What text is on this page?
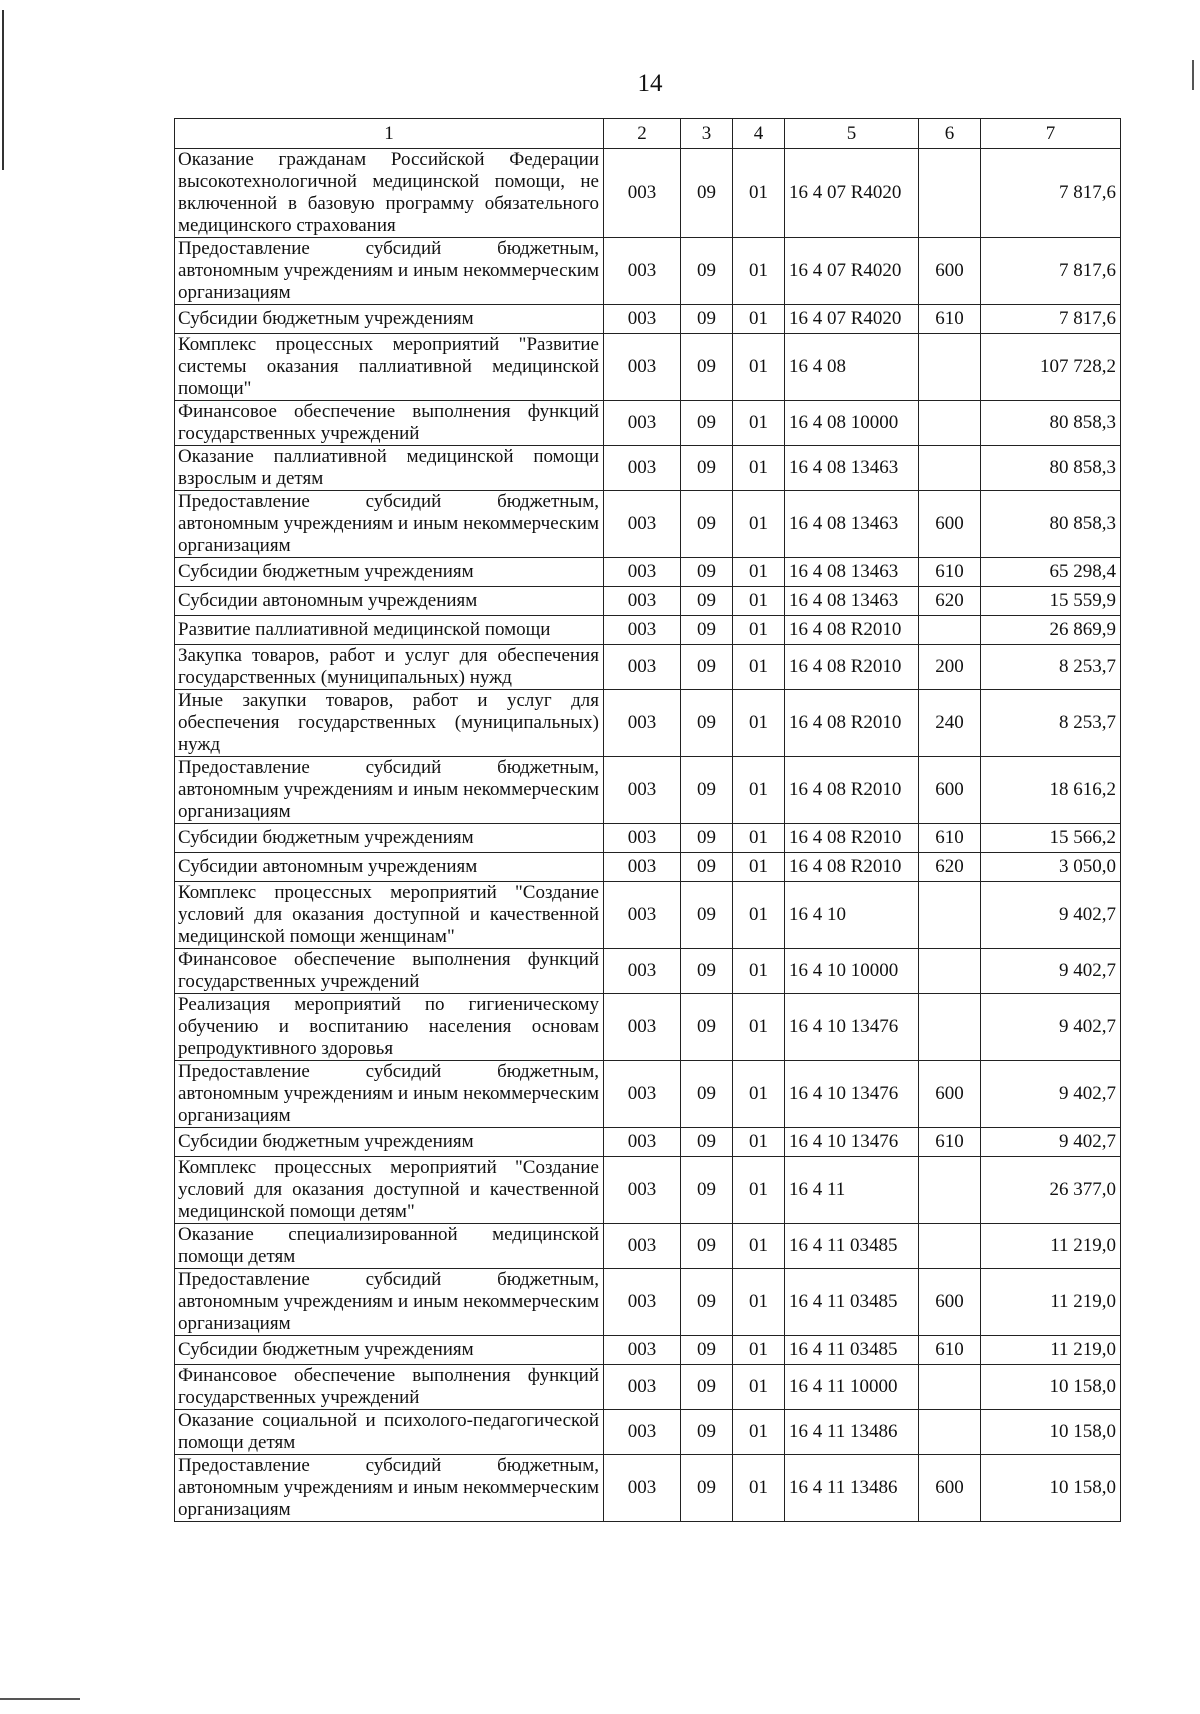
14
1	2	3	4	5	6	7
Оказание гражданам Российской Федерации высокотехнологичной медицинской помощи, не включенной в базовую программу обязательного медицинского страхования	003	09	01	16 4 07 R4020		7 817,6
Предоставление субсидий бюджетным, автономным учреждениям и иным некоммерческим организациям	003	09	01	16 4 07 R4020	600	7 817,6
Субсидии бюджетным учреждениям	003	09	01	16 4 07 R4020	610	7 817,6
Комплекс процессных мероприятий "Развитие системы оказания паллиативной медицинской помощи"	003	09	01	16 4 08		107 728,2
Финансовое обеспечение выполнения функций государственных учреждений	003	09	01	16 4 08 10000		80 858,3
Оказание паллиативной медицинской помощи взрослым и детям	003	09	01	16 4 08 13463		80 858,3
Предоставление субсидий бюджетным, автономным учреждениям и иным некоммерческим организациям	003	09	01	16 4 08 13463	600	80 858,3
Субсидии бюджетным учреждениям	003	09	01	16 4 08 13463	610	65 298,4
Субсидии автономным учреждениям	003	09	01	16 4 08 13463	620	15 559,9
Развитие паллиативной медицинской помощи	003	09	01	16 4 08 R2010		26 869,9
Закупка товаров, работ и услуг для обеспечения государственных (муниципальных) нужд	003	09	01	16 4 08 R2010	200	8 253,7
Иные закупки товаров, работ и услуг для обеспечения государственных (муниципальных) нужд	003	09	01	16 4 08 R2010	240	8 253,7
Предоставление субсидий бюджетным, автономным учреждениям и иным некоммерческим организациям	003	09	01	16 4 08 R2010	600	18 616,2
Субсидии бюджетным учреждениям	003	09	01	16 4 08 R2010	610	15 566,2
Субсидии автономным учреждениям	003	09	01	16 4 08 R2010	620	3 050,0
Комплекс процессных мероприятий "Создание условий для оказания доступной и качественной медицинской помощи женщинам"	003	09	01	16 4 10		9 402,7
Финансовое обеспечение выполнения функций государственных учреждений	003	09	01	16 4 10 10000		9 402,7
Реализация мероприятий по гигиеническому обучению и воспитанию населения основам репродуктивного здоровья	003	09	01	16 4 10 13476		9 402,7
Предоставление субсидий бюджетным, автономным учреждениям и иным некоммерческим организациям	003	09	01	16 4 10 13476	600	9 402,7
Субсидии бюджетным учреждениям	003	09	01	16 4 10 13476	610	9 402,7
Комплекс процессных мероприятий "Создание условий для оказания доступной и качественной медицинской помощи детям"	003	09	01	16 4 11		26 377,0
Оказание специализированной медицинской помощи детям	003	09	01	16 4 11 03485		11 219,0
Предоставление субсидий бюджетным, автономным учреждениям и иным некоммерческим организациям	003	09	01	16 4 11 03485	600	11 219,0
Субсидии бюджетным учреждениям	003	09	01	16 4 11 03485	610	11 219,0
Финансовое обеспечение выполнения функций государственных учреждений	003	09	01	16 4 11 10000		10 158,0
Оказание социальной и психолого-педагогической помощи детям	003	09	01	16 4 11 13486		10 158,0
Предоставление субсидий бюджетным, автономным учреждениям и иным некоммерческим организациям	003	09	01	16 4 11 13486	600	10 158,0
